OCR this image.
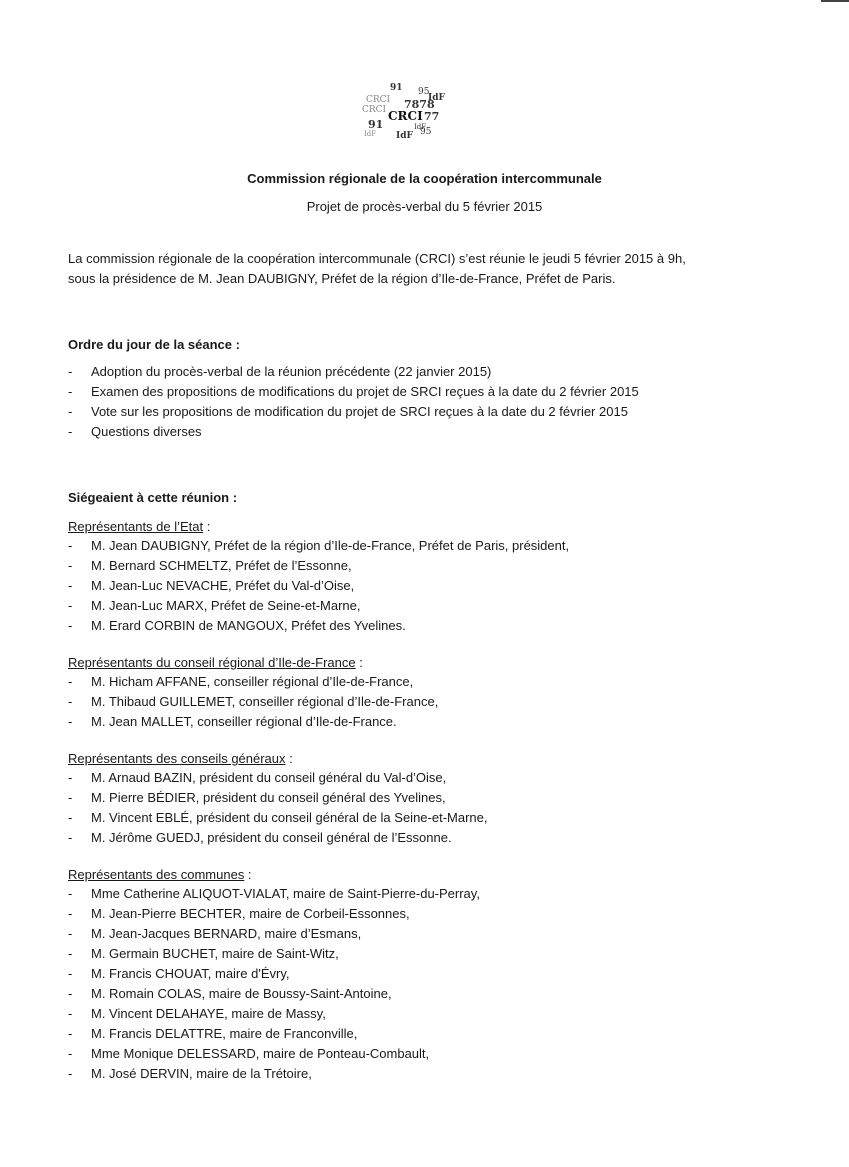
91 95
IdF
CRCI 7878
CRCI CRCI 77
91	IdF
95
IdF
IdF
Commission régionale de la coopération intercommunale
Projet de procès-verbal du 5 février 2015
La commission régionale de la coopération intercommunale (CRCI) s’est réunie le jeudi 5 février 2015 à 9h,
sous la présidence de M. Jean DAUBIGNY, Préfet de la région d’Ile-de-France, Préfet de Paris.
Ordre du jour de la séance :
- Adoption du procès-verbal de la réunion précédente (22 janvier 2015)
- Examen des propositions de modifications du projet de SRCI reçues à la date du 2 février 2015
- Vote sur les propositions de modification du projet de SRCI reçues à la date du 2 février 2015
- Questions diverses
Siégeaient à cette réunion :
Représentants de l’Etat :
- M. Jean DAUBIGNY, Préfet de la région d’Ile-de-France, Préfet de Paris, président,
- M. Bernard SCHMELTZ, Préfet de l’Essonne,
- M. Jean-Luc NEVACHE, Préfet du Val-d’Oise,
- M. Jean-Luc MARX, Préfet de Seine-et-Marne,
- M. Erard CORBIN de MANGOUX, Préfet des Yvelines.
Représentants du conseil régional d’Ile-de-France :
- M. Hicham AFFANE, conseiller régional d’Ile-de-France,
- M. Thibaud GUILLEMET, conseiller régional d’Ile-de-France,
- M. Jean MALLET, conseiller régional d’Ile-de-France.
Représentants des conseils généraux :
- M. Arnaud BAZIN, président du conseil général du Val-d’Oise,
- M. Pierre BÉDIER, président du conseil général des Yvelines,
- M. Vincent EBLÉ, président du conseil général de la Seine-et-Marne,
- M. Jérôme GUEDJ, président du conseil général de l’Essonne.
Représentants des communes :
- Mme Catherine ALIQUOT-VIALAT, maire de Saint-Pierre-du-Perray,
- M. Jean-Pierre BECHTER, maire de Corbeil-Essonnes,
- M. Jean-Jacques BERNARD, maire d’Esmans,
- M. Germain BUCHET, maire de Saint-Witz,
- M. Francis CHOUAT, maire d'Évry,
- M. Romain COLAS, maire de Boussy-Saint-Antoine,
- M. Vincent DELAHAYE, maire de Massy,
- M. Francis DELATTRE, maire de Franconville,
- Mme Monique DELESSARD, maire de Ponteau-Combault,
- M. José DERVIN, maire de la Trétoire,
